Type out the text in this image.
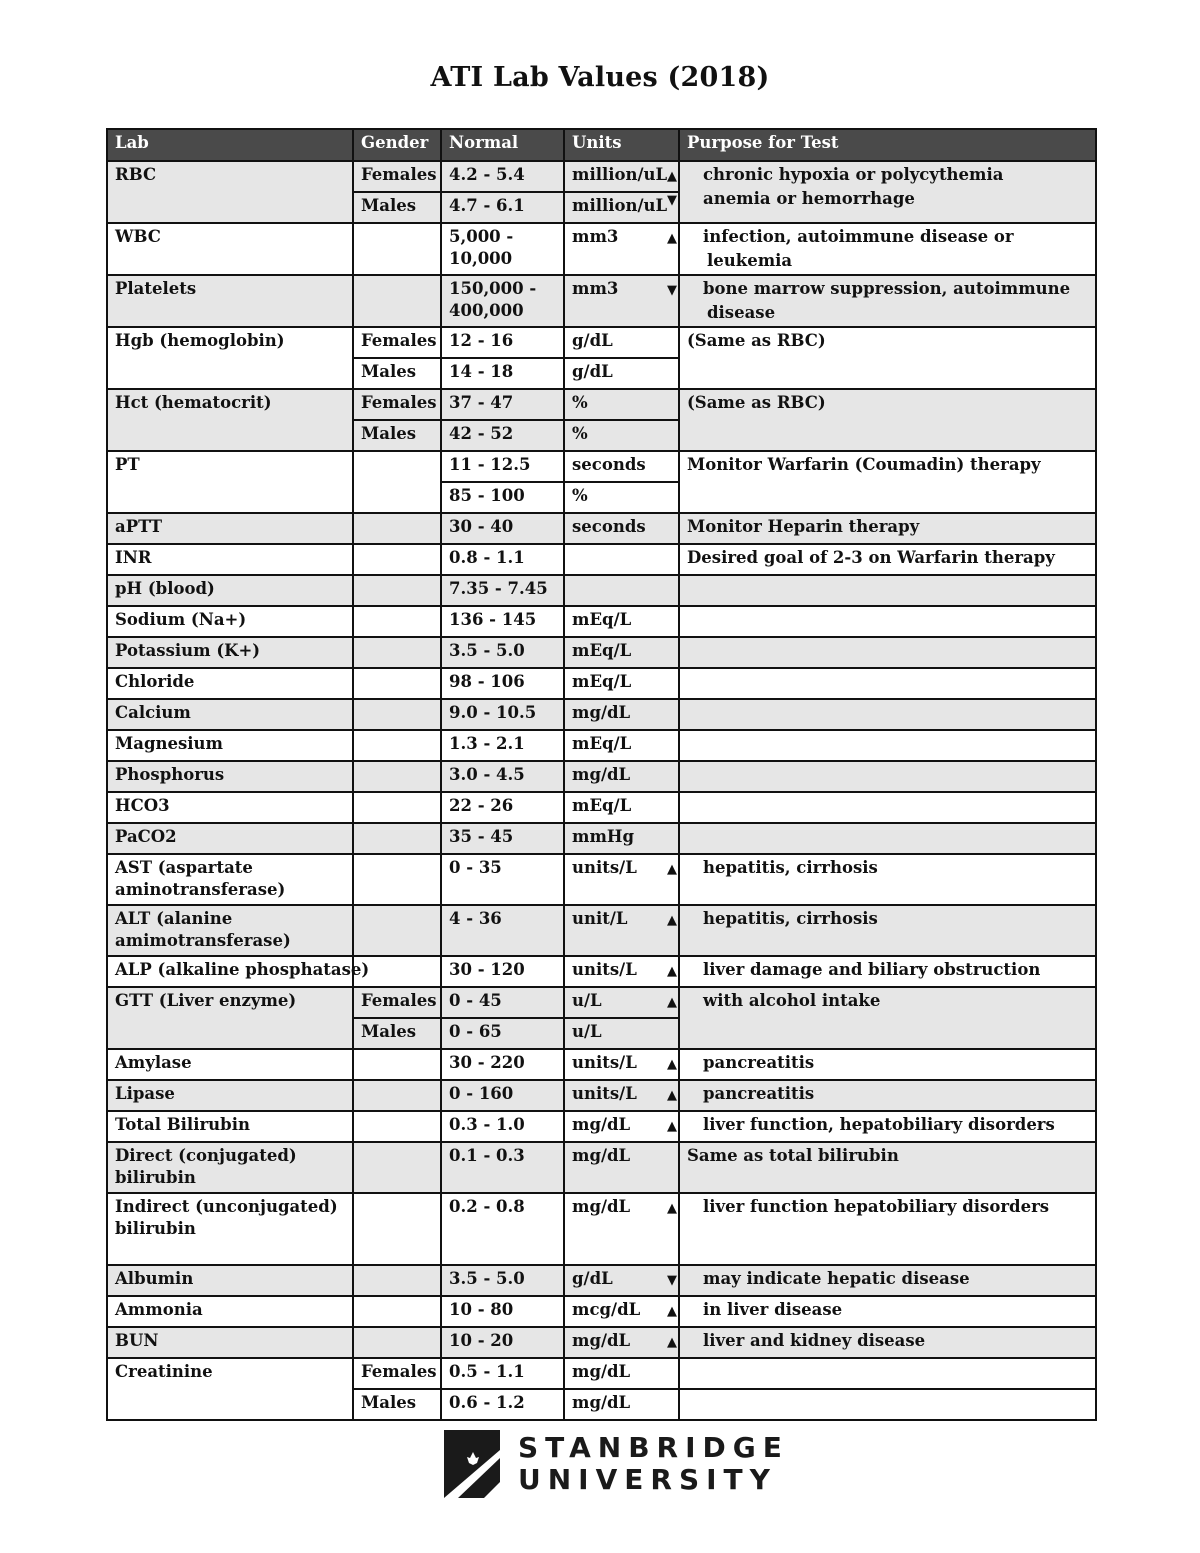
ATI Lab Values (2018)
Lab	Gender	Normal	Units	Purpose for Test
RBC	Females	4.2 - 5.4	million/uL	▲ chronic hypoxia or polycythemia
▼ anemia or hemorrhage

	Males	4.7 - 6.1	million/uL	
WBC		5,000 - 10,000	mm3	▲ infection, autoimmune disease or leukemia

Platelets		150,000 - 400,000	mm3	▼ bone marrow suppression, autoimmune disease

Hgb (hemoglobin)	Females	12 - 16	g/dL	(Same as RBC)
	Males	14 - 18	g/dL	
Hct (hematocrit)	Females	37 - 47	%	(Same as RBC)
	Males	42 - 52	%	
PT		11 - 12.5	seconds	Monitor Warfarin (Coumadin) therapy
		85 - 100	%	
aPTT		30 - 40	seconds	Monitor Heparin therapy
INR		0.8 - 1.1		Desired goal of 2-3 on Warfarin therapy
pH (blood)		7.35 - 7.45		
Sodium (Na+)		136 - 145	mEq/L	
Potassium (K+)		3.5 - 5.0	mEq/L	
Chloride		98 - 106	mEq/L	
Calcium		9.0 - 10.5	mg/dL	
Magnesium		1.3 - 2.1	mEq/L	
Phosphorus		3.0 - 4.5	mg/dL	
HCO3		22 - 26	mEq/L	
PaCO2		35 - 45	mmHg	
AST (aspartate aminotransferase)		0 - 35	units/L	▲ hepatitis, cirrhosis

ALT (alanine amimotransferase)		4 - 36	unit/L	▲ hepatitis, cirrhosis

ALP (alkaline phosphatase)		30 - 120	units/L	▲ liver damage and biliary obstruction

GTT (Liver enzyme)	Females	0 - 45	u/L	▲ with alcohol intake

	Males	0 - 65	u/L	
Amylase		30 - 220	units/L	▲ pancreatitis

Lipase		0 - 160	units/L	▲ pancreatitis

Total Bilirubin		0.3 - 1.0	mg/dL	▲ liver function, hepatobiliary disorders

Direct (conjugated) bilirubin		0.1 - 0.3	mg/dL	Same as total bilirubin
Indirect (unconjugated) bilirubin		0.2 - 0.8	mg/dL	▲ liver function hepatobiliary disorders

Albumin		3.5 - 5.0	g/dL	▼ may indicate hepatic disease

Ammonia		10 - 80	mcg/dL	▲ in liver disease

BUN		10 - 20	mg/dL	▲ liver and kidney disease

Creatinine	Females	0.5 - 1.1	mg/dL	
	Males	0.6 - 1.2	mg/dL	
STANBRIDGE
UNIVERSITY
